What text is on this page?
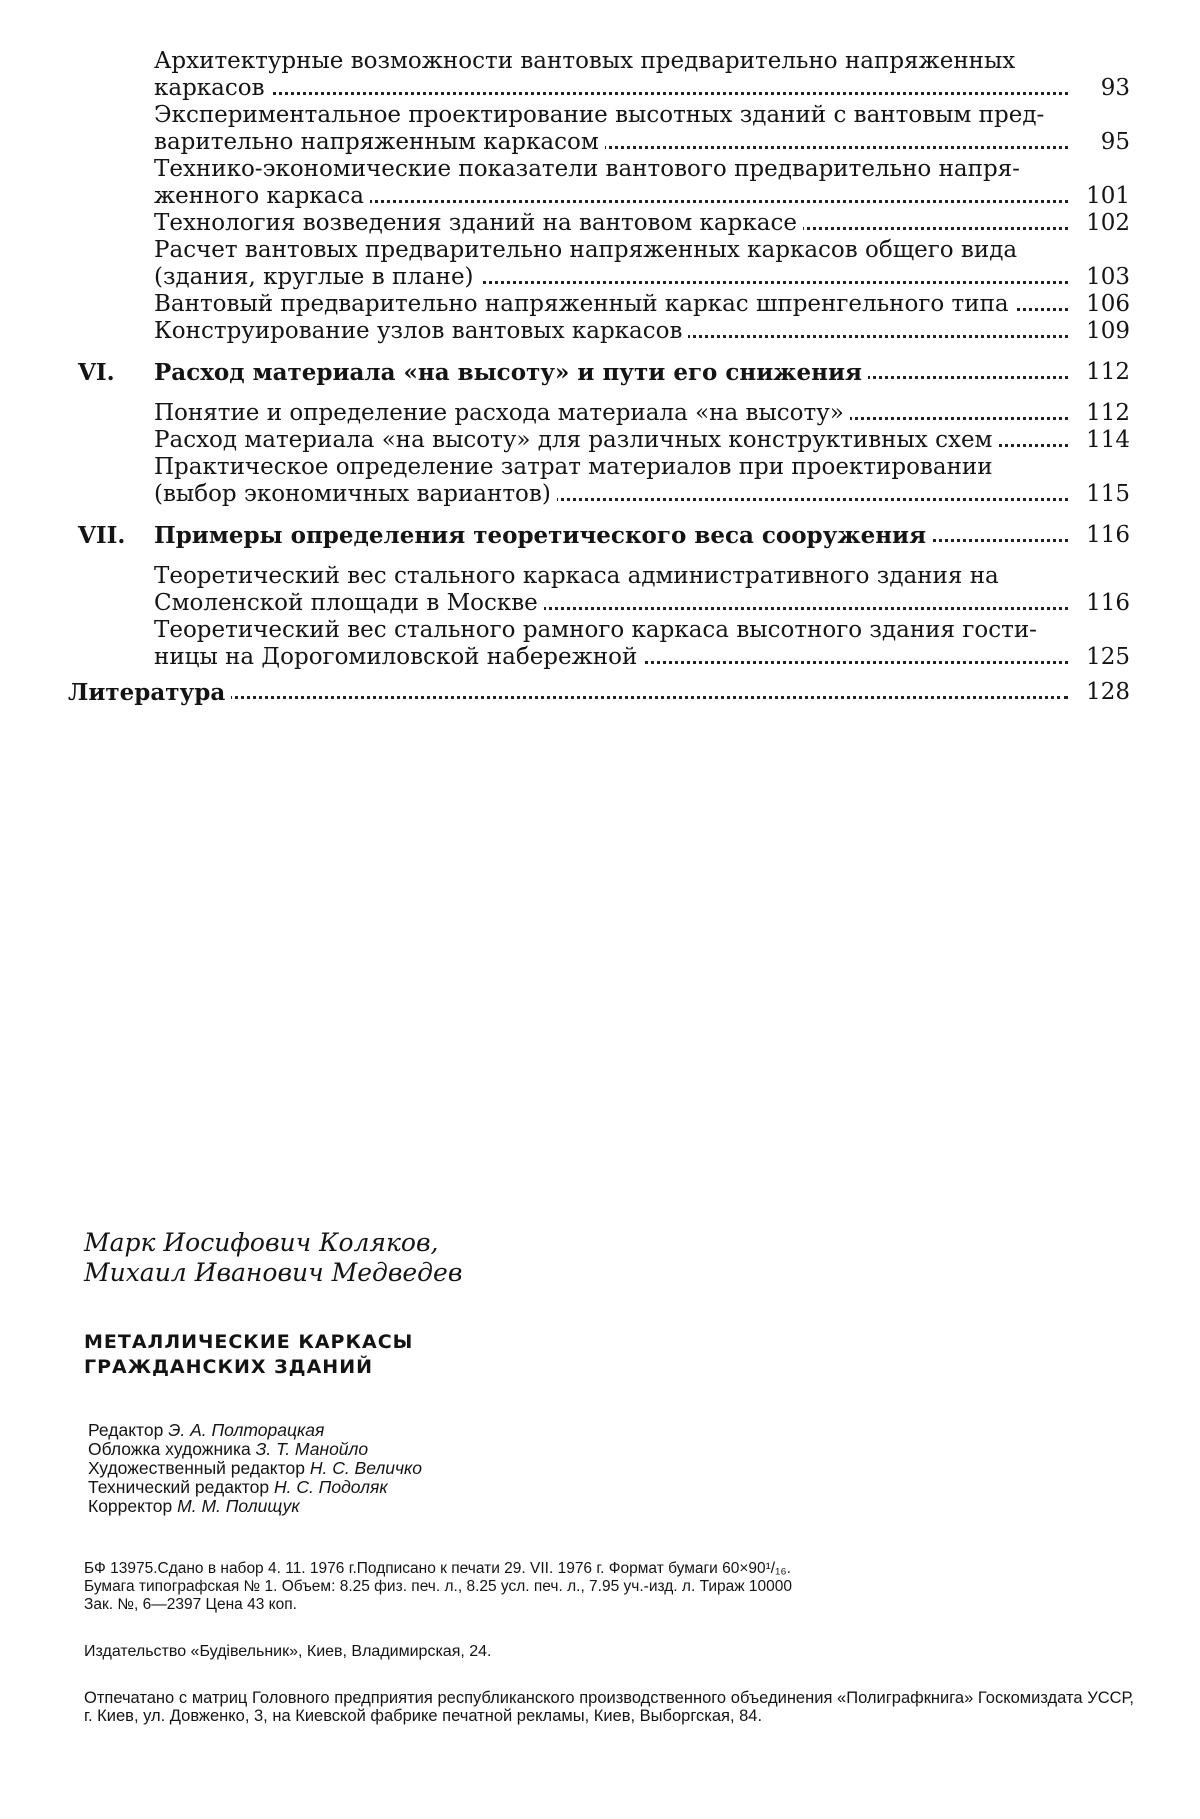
Архитектурные возможности вантовых предварительно напряженных
каркасов	93
Экспериментальное проектирование высотных зданий с вантовым пред-
варительно напряженным каркасом	95
Технико-экономические показатели вантового предварительно напря-
женного каркаса	101
Технология возведения зданий на вантовом каркасе	102
Расчет вантовых предварительно напряженных каркасов общего вида
(здания, круглые в плане)	103
Вантовый предварительно напряженный каркас шпренгельного типа	106
Конструирование узлов вантовых каркасов	109
VI. Расход материала «на высоту» и пути его снижения	112
Понятие и определение расхода материала «на высоту»	112
Расход материала «на высоту» для различных конструктивных схем	114
Практическое определение затрат материалов при проектировании
(выбор экономичных вариантов)	115
VII. Примеры определения теоретического веса сооружения	116
Теоретический вес стального каркаса административного здания на
Смоленской площади в Москве	116
Теоретический вес стального рамного каркаса высотного здания гости-
ницы на Дорогомиловской набережной	125
Литература	128
Марк Иосифович Коляков,
Михаил Иванович Медведев
МЕТАЛЛИЧЕСКИЕ КАРКАСЫ
ГРАЖДАНСКИХ ЗДАНИЙ
Редактор Э. А. Полторацкая
Обложка художника З. Т. Манойло
Художественный редактор Н. С. Величко
Технический редактор Н. С. Подоляк
Корректор М. М. Полищук
БФ 13975.Сдано в набор 4. 11. 1976 г.Подписано к печати 29. VII. 1976 г. Формат бумаги 60×90¹/₁₆.
Бумага типографская № 1. Объем: 8.25 физ. печ. л., 8.25 усл. печ. л., 7.95 уч.-изд. л. Тираж 10000
Зак. №, 6—2397 Цена 43 коп.
Издательство «Будівельник», Киев, Владимирская, 24.
Отпечатано с матриц Головного предприятия республиканского производственного объединения «Полиграфкнига» Госкомиздата УССР, г. Киев, ул. Довженко, 3, на Киевской фабрике печатной рекламы, Киев, Выборгская, 84.
